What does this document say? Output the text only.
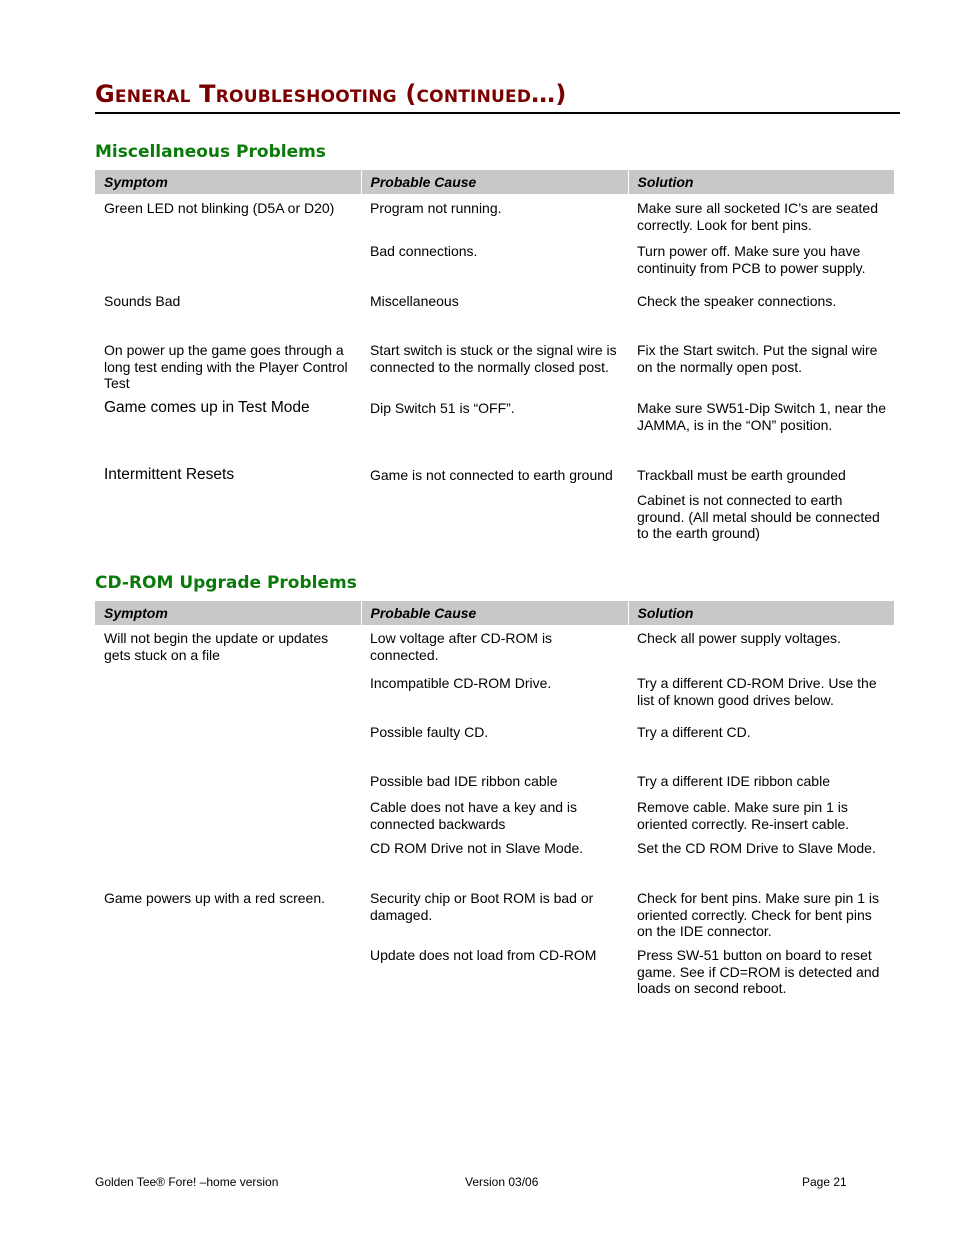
General Troubleshooting (continued…)
Miscellaneous Problems
Symptom	Probable Cause	Solution
Green LED not blinking (D5A or D20)	Program not running.	Make sure all socketed IC’s are seated correctly. Look for bent pins.
	Bad connections.	Turn power off. Make sure you have continuity from PCB to power supply.
Sounds Bad	Miscellaneous	Check the speaker connections.
On power up the game goes through a long test ending with the Player Control Test	Start switch is stuck or the signal wire is connected to the normally closed post.	Fix the Start switch. Put the signal wire on the normally open post.
Game comes up in Test Mode	Dip Switch 51 is “OFF”.	Make sure SW51-Dip Switch 1, near the JAMMA, is in the “ON” position.
Intermittent Resets	Game is not connected to earth ground	Trackball must be earth grounded
		Cabinet is not connected to earth ground. (All metal should be connected to the earth ground)
CD-ROM Upgrade Problems
Symptom	Probable Cause	Solution
Will not begin the update or updates gets stuck on a file	Low voltage after CD-ROM is connected.	Check all power supply voltages.
	Incompatible CD-ROM Drive.	Try a different CD-ROM Drive. Use the list of known good drives below.
	Possible faulty CD.	Try a different CD.
	Possible bad IDE ribbon cable	Try a different IDE ribbon cable
	Cable does not have a key and is connected backwards	Remove cable. Make sure pin 1 is oriented correctly. Re-insert cable.
	CD ROM Drive not in Slave Mode.	Set the CD ROM Drive to Slave Mode.
Game powers up with a red screen.	Security chip or Boot ROM is bad or damaged.	Check for bent pins. Make sure pin 1 is oriented correctly. Check for bent pins on the IDE connector.
	Update does not load from CD-ROM	Press SW-51 button on board to reset game. See if CD=ROM is detected and loads on second reboot.
Golden Tee® Fore! –home version	Version 03/06	Page 21
